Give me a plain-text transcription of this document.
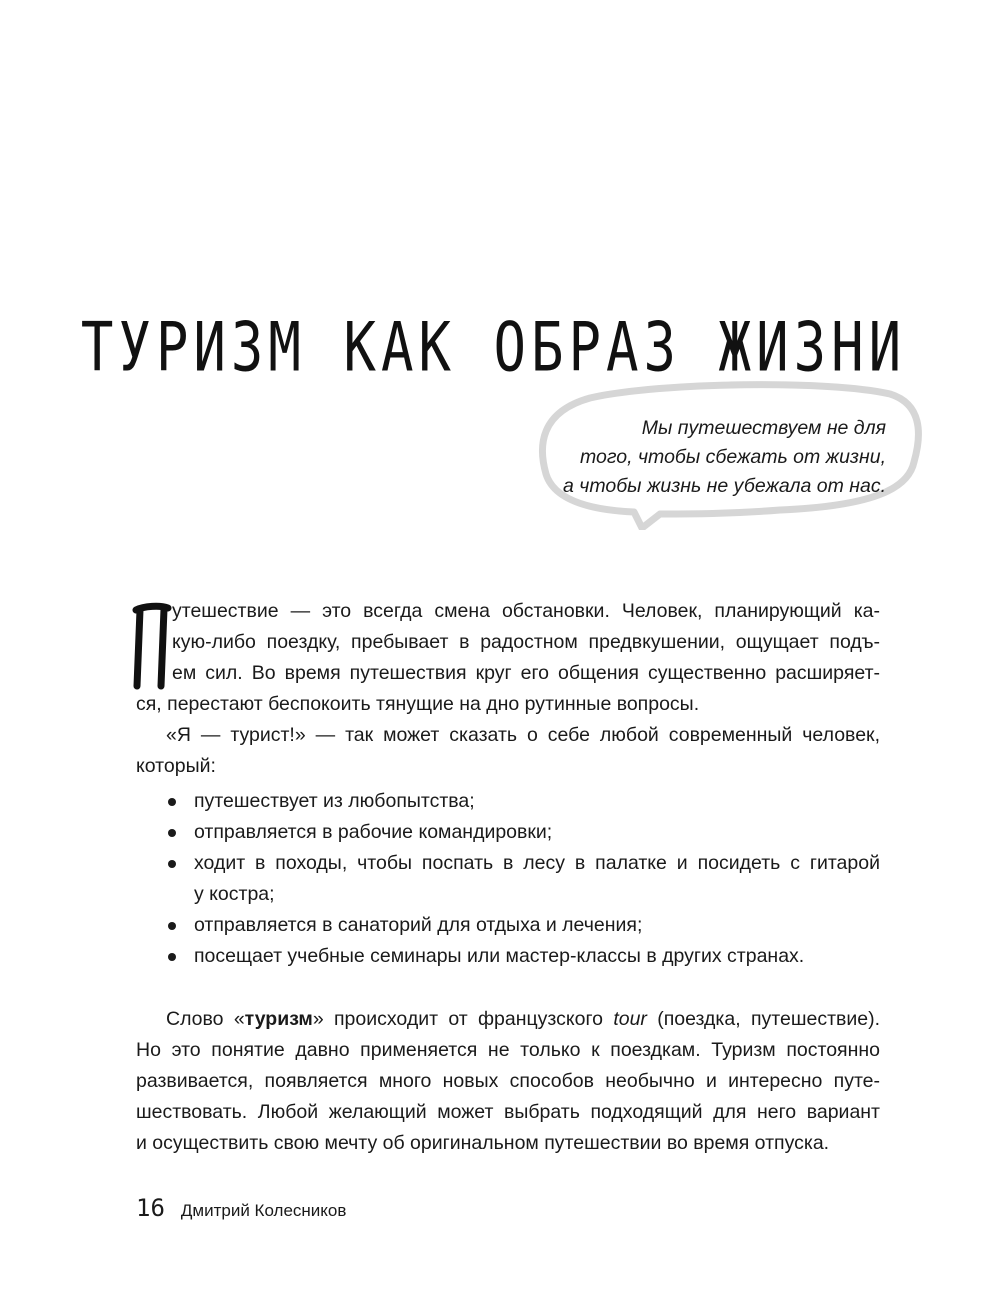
ТУРИЗМ КАК ОБРАЗ ЖИЗНИ
Мы путешествуем не для
того, чтобы сбежать от жизни,
а чтобы жизнь не убежала от нас.
утешествие — это всегда смена обстановки. Человек, планирующий ка-
кую-либо поездку, пребывает в радостном предвкушении, ощущает подъ-
ем сил. Во время путешествия круг его общения существенно расширяет-
ся, перестают беспокоить тянущие на дно рутинные вопросы.
«Я — турист!» — так может сказать о себе любой современный человек,
который:
путешествует из любопытства;
отправляется в рабочие командировки;
ходит в походы, чтобы поспать в лесу в палатке и посидеть с гитарой
у костра;
отправляется в санаторий для отдыха и лечения;
посещает учебные семинары или мастер-классы в других странах.
Слово «туризм» происходит от французского tour (поездка, путешествие).
Но это понятие давно применяется не только к поездкам. Туризм постоянно
развивается, появляется много новых способов необычно и интересно путе-
шествовать. Любой желающий может выбрать подходящий для него вариант
и осуществить свою мечту об оригинальном путешествии во время отпуска.
16 Дмитрий Колесников
